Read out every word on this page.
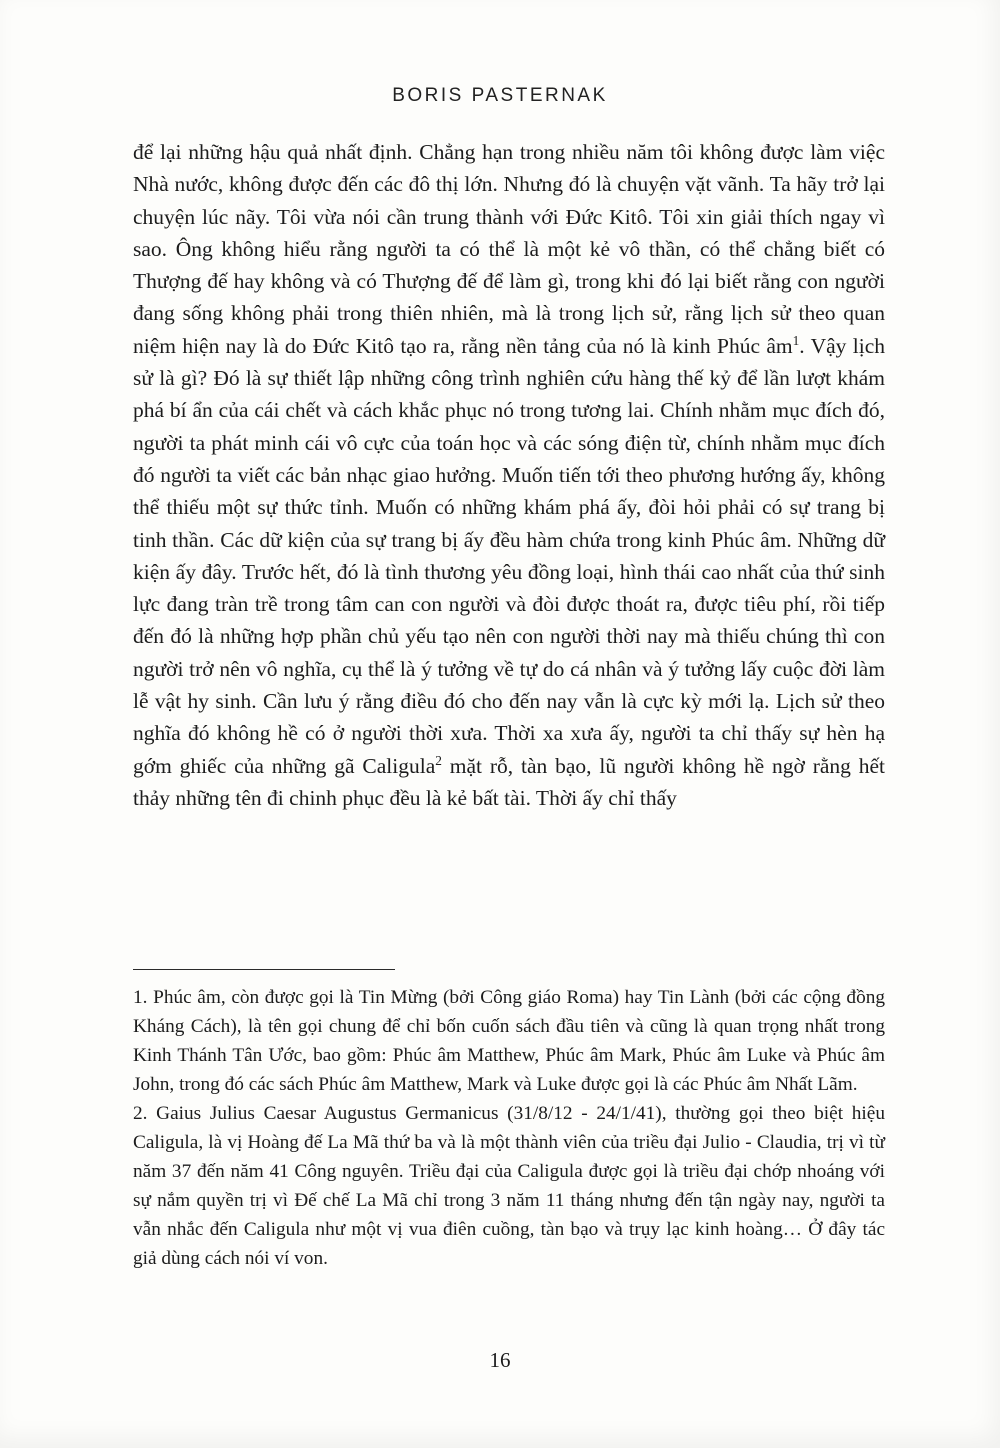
BORIS PASTERNAK

để lại những hậu quả nhất định. Chẳng hạn trong nhiều năm tôi không được làm việc Nhà nước, không được đến các đô thị lớn. Nhưng đó là chuyện vặt vãnh. Ta hãy trở lại chuyện lúc nãy. Tôi vừa nói cần trung thành với Đức Kitô. Tôi xin giải thích ngay vì sao. Ông không hiểu rằng người ta có thể là một kẻ vô thần, có thể chẳng biết có Thượng đế hay không và có Thượng đế để làm gì, trong khi đó lại biết rằng con người đang sống không phải trong thiên nhiên, mà là trong lịch sử, rằng lịch sử theo quan niệm hiện nay là do Đức Kitô tạo ra, rằng nền tảng của nó là kinh Phúc $âm^1$. Vậy lịch sử là gì? Đó là sự thiết lập những công trình nghiên cứu hàng thế kỷ để lần lượt khám phá bí ẩn của cái chết và cách khắc phục nó trong tương lai. Chính nhằm mục đích đó, người ta phát minh cái vô cực của toán học và các sóng điện từ, chính nhằm mục đích đó người ta viết các bản nhạc giao hưởng. Muốn tiến tới theo phương hướng ấy, không thể thiếu một sự thức tỉnh. Muốn có những khám phá ấy, đòi hỏi phải có sự trang bị tinh thần. Các dữ kiện của sự trang bị ấy đều hàm chứa trong kinh Phúc âm. Những dữ kiện ấy đây. Trước hết, đó là tình thương yêu đồng loại, hình thái cao nhất của thứ sinh lực đang tràn trề trong tâm can con người và đòi được thoát ra, được tiêu phí, rồi tiếp đến đó là những hợp phần chủ yếu tạo nên con người thời nay mà thiếu chúng thì con người trở nên vô nghĩa, cụ thể là ý tưởng về tự do cá nhân và ý tưởng lấy cuộc đời làm lễ vật hy sinh. Cần lưu ý rằng điều đó cho đến nay vẫn là cực kỳ mới lạ. Lịch sử theo nghĩa đó không hề có ở người thời xưa. Thời xa xưa ấy, người ta chỉ thấy sự hèn hạ gớm ghiếc của những gã Caligula$^2$ mặt rỗ, tàn bạo, lũ người không hề ngờ rằng hết thảy những tên đi chinh phục đều là kẻ bất tài. Thời ấy chỉ thấy

1. Phúc âm, còn được gọi là Tin Mừng (bởi Công giáo Roma) hay Tin Lành (bởi các cộng đồng Kháng Cách), là tên gọi chung để chỉ bốn cuốn sách đầu tiên và cũng là quan trọng nhất trong Kinh Thánh Tân Ước, bao gồm: Phúc âm Matthew, Phúc âm Mark, Phúc âm Luke và Phúc âm John, trong đó các sách Phúc âm Matthew, Mark và Luke được gọi là các Phúc âm Nhất Lãm.

2. Gaius Julius Caesar Augustus Germanicus (31/8/12 - 24/1/41), thường gọi theo biệt hiệu Caligula, là vị Hoàng đế La Mã thứ ba và là một thành viên của triều đại Julio - Claudia, trị vì từ năm 37 đến năm 41 Công nguyên. Triều đại của Caligula được gọi là triều đại chớp nhoáng với sự nắm quyền trị vì Đế chế La Mã chỉ trong 3 năm 11 tháng nhưng đến tận ngày nay, người ta vẫn nhắc đến Caligula như một vị vua điên cuồng, tàn bạo và trụy lạc kinh hoàng… Ở đây tác giả dùng cách nói ví von.

16
